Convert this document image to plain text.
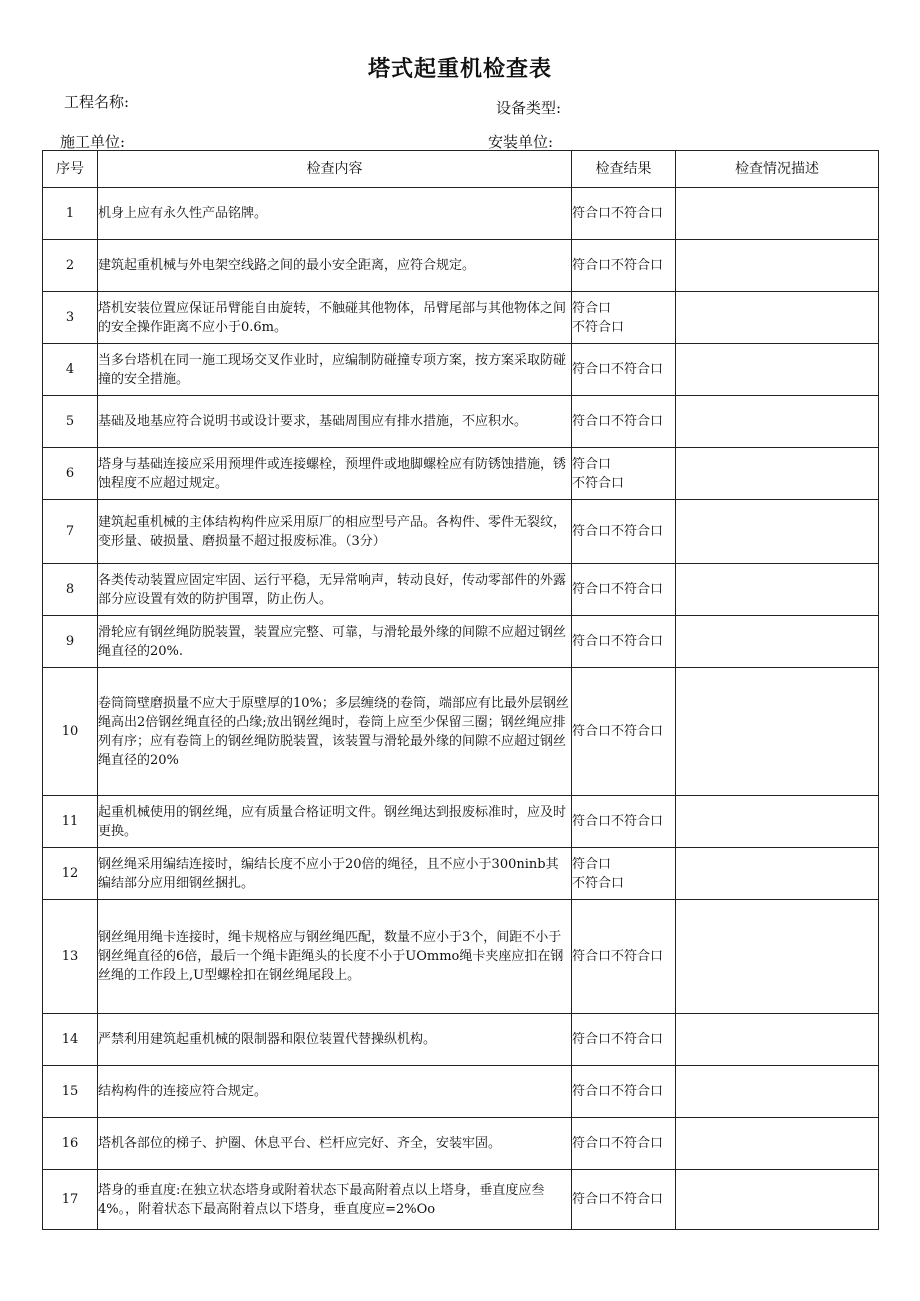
塔式起重机检查表
工程名称:	设备类型:
施工单位:	安装单位:
序号	检查内容	检查结果	检查情况描述
1	机身上应有永久性产品铭牌。	符合口不符合口	
2	建筑起重机械与外电架空线路之间的最小安全距离，应符合规定。	符合口不符合口	
3	塔机安装位置应保证吊臂能自由旋转，不触碰其他物体，吊臂尾部与其他物体之间的安全操作距离不应小于0.6m。	符合口
不符合口	
4	当多台塔机在同一施工现场交叉作业时，应编制防碰撞专项方案，按方案采取防碰撞的安全措施。	符合口不符合口	
5	基础及地基应符合说明书或设计要求，基础周围应有排水措施，不应积水。	符合口不符合口	
6	塔身与基础连接应采用预埋件或连接螺栓，预埋件或地脚螺栓应有防锈蚀措施，锈蚀程度不应超过规定。	符合口
不符合口	
7	建筑起重机械的主体结构构件应采用原厂的相应型号产品。各构件、零件无裂纹，变形量、破损量、磨损量不超过报废标准。（3分）	符合口不符合口	
8	各类传动装置应固定牢固、运行平稳，无异常响声，转动良好，传动零部件的外露部分应设置有效的防护围罩，防止伤人。	符合口不符合口	
9	滑轮应有钢丝绳防脱装置，装置应完整、可靠，与滑轮最外缘的间隙不应超过钢丝绳直径的20%.	符合口不符合口	
10	卷筒筒壁磨损量不应大于原壁厚的10%；多层缠绕的卷筒，端部应有比最外层钢丝绳高出2倍钢丝绳直径的凸缘;放出钢丝绳时，卷筒上应至少保留三圈；钢丝绳应排列有序；应有卷筒上的钢丝绳防脱装置，该装置与滑轮最外缘的间隙不应超过钢丝绳直径的20%	符合口不符合口	
11	起重机械使用的钢丝绳，应有质量合格证明文件。钢丝绳达到报废标准时，应及时更换。	符合口不符合口	
12	钢丝绳采用编结连接时，编结长度不应小于20倍的绳径，且不应小于300ninb其编结部分应用细钢丝捆扎。	符合口
不符合口	
13	钢丝绳用绳卡连接时，绳卡规格应与钢丝绳匹配，数量不应小于3个，间距不小于钢丝绳直径的6倍，最后一个绳卡距绳头的长度不小于UOmmo绳卡夹座应扣在钢丝绳的工作段上,U型螺栓扣在钢丝绳尾段上。	符合口不符合口	
14	严禁利用建筑起重机械的限制器和限位装置代替操纵机构。	符合口不符合口	
15	结构构件的连接应符合规定。	符合口不符合口	
16	塔机各部位的梯子、护圈、休息平台、栏杆应完好、齐全，安装牢固。	符合口不符合口	
17	塔身的垂直度:在独立状态塔身或附着状态下最高附着点以上塔身，垂直度应叁4%。，附着状态下最高附着点以下塔身，垂直度应=2%Oo	符合口不符合口	
